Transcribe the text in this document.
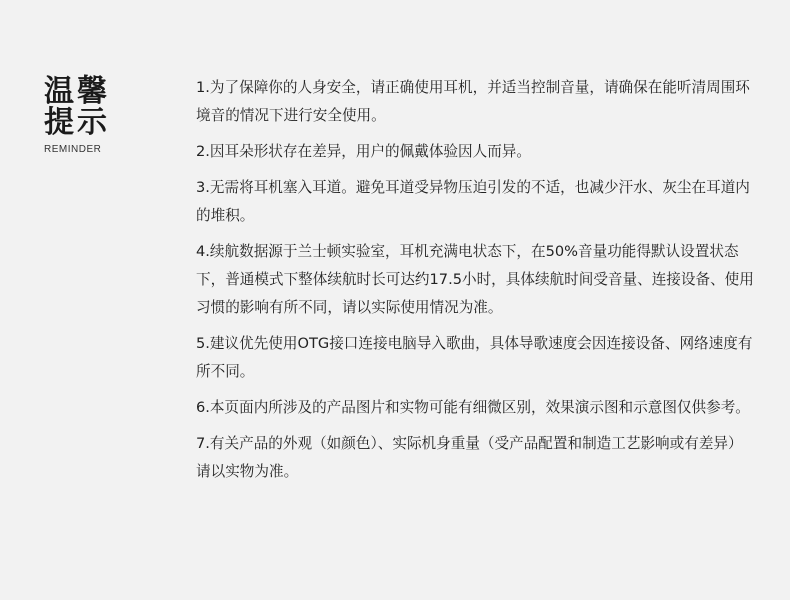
温馨
提示
REMINDER

1.为了保障你的人身安全，请正确使用耳机，并适当控制音量，请确保在能听清周围环境音的情况下进行安全使用。

2.因耳朵形状存在差异，用户的佩戴体验因人而异。

3.无需将耳机塞入耳道。避免耳道受异物压迫引发的不适，也减少汗水、灰尘在耳道内的堆积。

4.续航数据源于兰士顿实验室，耳机充满电状态下，在50%音量功能得默认设置状态下，普通模式下整体续航时长可达约17.5小时，具体续航时间受音量、连接设备、使用习惯的影响有所不同，请以实际使用情况为准。

5.建议优先使用OTG接口连接电脑导入歌曲，具体导歌速度会因连接设备、网络速度有所不同。

6.本页面内所涉及的产品图片和实物可能有细微区别，效果演示图和示意图仅供参考。

7.有关产品的外观（如颜色）、实际机身重量（受产品配置和制造工艺影响或有差异）请以实物为准。
